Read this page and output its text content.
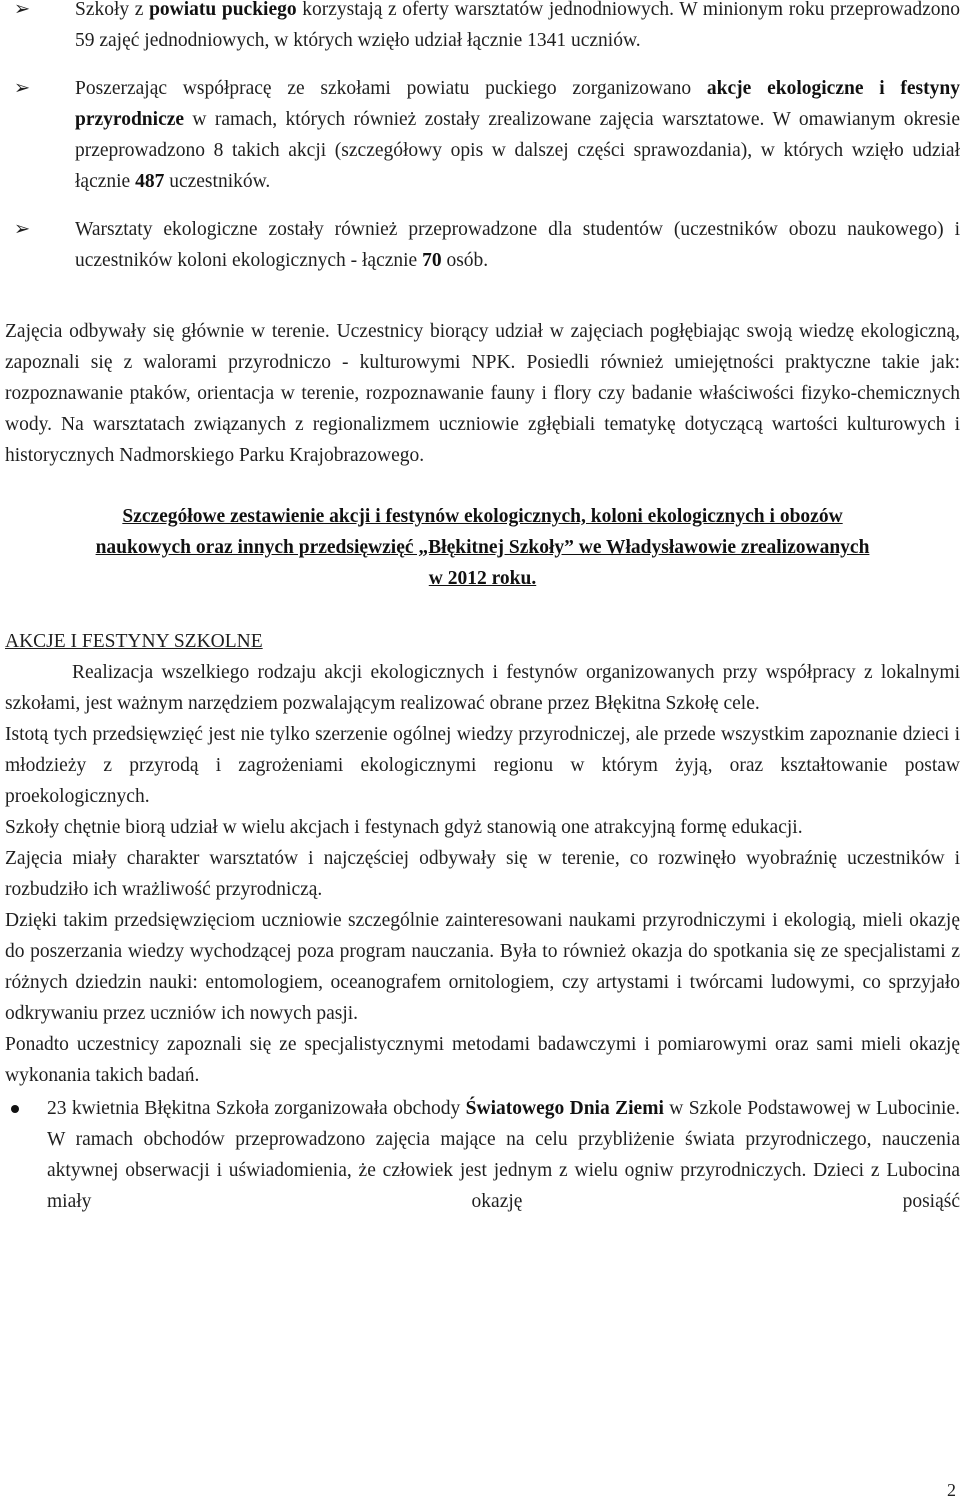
➢ Szkoły z powiatu puckiego korzystają z oferty warsztatów jednodniowych. W minionym roku przeprowadzono 59 zajęć jednodniowych, w których wzięło udział łącznie 1341 uczniów.
➢ Poszerzając współpracę ze szkołami powiatu puckiego zorganizowano akcje ekologiczne i festyny przyrodnicze w ramach, których również zostały zrealizowane zajęcia warsztatowe. W omawianym okresie przeprowadzono 8 takich akcji (szczegółowy opis w dalszej części sprawozdania), w których wzięło udział łącznie 487 uczestników.
➢ Warsztaty ekologiczne zostały również przeprowadzone dla studentów (uczestników obozu naukowego) i uczestników koloni ekologicznych - łącznie 70 osób.

Zajęcia odbywały się głównie w terenie. Uczestnicy biorący udział w zajęciach pogłębiając swoją wiedzę ekologiczną, zapoznali się z walorami przyrodniczo - kulturowymi NPK. Posiedli również umiejętności praktyczne takie jak: rozpoznawanie ptaków, orientacja w terenie, rozpoznawanie fauny i flory czy badanie właściwości fizyko-chemicznych wody. Na warsztatach związanych z regionalizmem uczniowie zgłębiali tematykę dotyczącą wartości kulturowych i historycznych Nadmorskiego Parku Krajobrazowego.

Szczegółowe zestawienie akcji i festynów ekologicznych, koloni ekologicznych i obozów
naukowych oraz innych przedsięwzięć „Błękitnej Szkoły” we Władysławowie zrealizowanych
w 2012 roku.
AKCJE I FESTYNY SZKOLNE

Realizacja wszelkiego rodzaju akcji ekologicznych i festynów organizowanych przy współpracy z lokalnymi szkołami, jest ważnym narzędziem pozwalającym realizować obrane przez Błękitna Szkołę cele.

Istotą tych przedsięwzięć jest nie tylko szerzenie ogólnej wiedzy przyrodniczej, ale przede wszystkim zapoznanie dzieci i młodzieży z przyrodą i zagrożeniami ekologicznymi regionu w którym żyją, oraz kształtowanie postaw proekologicznych.

Szkoły chętnie biorą udział w wielu akcjach i festynach gdyż stanowią one atrakcyjną formę edukacji.

Zajęcia miały charakter warsztatów i najczęściej odbywały się w terenie, co rozwinęło wyobraźnię uczestników i rozbudziło ich wrażliwość przyrodniczą.

Dzięki takim przedsięwzięciom uczniowie szczególnie zainteresowani naukami przyrodniczymi i ekologią, mieli okazję do poszerzania wiedzy wychodzącej poza program nauczania. Była to również okazja do spotkania się ze specjalistami z różnych dziedzin nauki: entomologiem, oceanografem ornitologiem, czy artystami i twórcami ludowymi, co sprzyjało odkrywaniu przez uczniów ich nowych pasji.

Ponadto uczestnicy zapoznali się ze specjalistycznymi metodami badawczymi i pomiarowymi oraz sami mieli okazję wykonania takich badań.

23 kwietnia Błękitna Szkoła zorganizowała obchody Światowego Dnia Ziemi w Szkole Podstawowej w Lubocinie. W ramach obchodów przeprowadzono zajęcia mające na celu przybliżenie świata przyrodniczego, nauczenia aktywnej obserwacji i uświadomienia, że człowiek jest jednym z wielu ogniw przyrodniczych. Dzieci z Lubocina miały okazję posiąść
2
